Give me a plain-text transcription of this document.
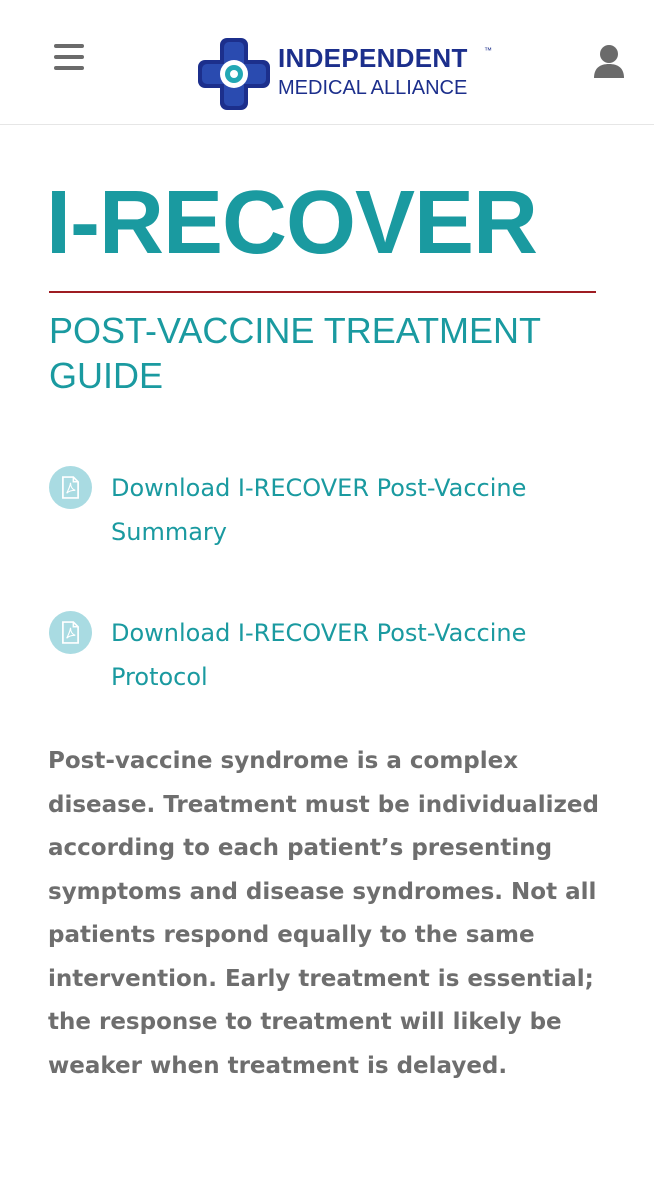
INDEPENDENT ™
MEDICAL ALLIANCE
I-RECOVER
POST-VACCINE TREATMENT GUIDE
Download I-RECOVER Post-Vaccine Summary
Download I-RECOVER Post-Vaccine Protocol

Post-vaccine syndrome is a complex disease. Treatment must be individualized according to each patient’s presenting symptoms and disease syndromes. Not all patients respond equally to the same intervention. Early treatment is essential; the response to treatment will likely be weaker when treatment is delayed.
